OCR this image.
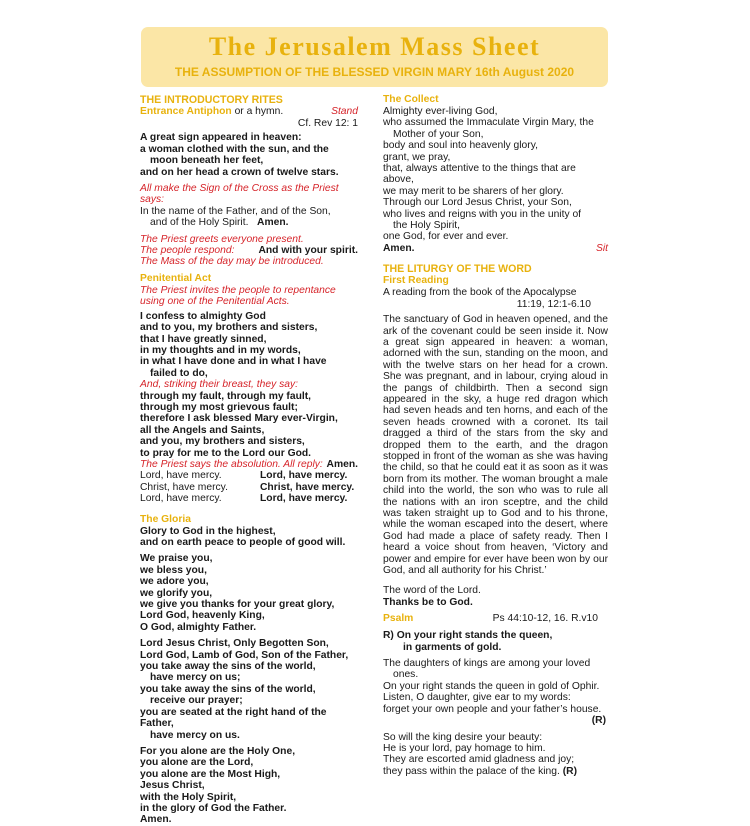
The Jerusalem Mass Sheet
THE ASSUMPTION OF THE BLESSED VIRGIN MARY 16th August 2020
THE INTRODUCTORY RITES
Entrance Antiphon or a hymn.	Stand
Cf. Rev 12: 1
A great sign appeared in heaven:
a woman clothed with the sun, and the
moon beneath her feet,
and on her head a crown of twelve stars.
All make the Sign of the Cross as the Priest says:
In the name of the Father, and of the Son,
and of the Holy Spirit. Amen.
The Priest greets everyone present.
The people respond: And with your spirit.
The Mass of the day may be introduced.
Penitential Act
The Priest invites the people to repentance using one of the Penitential Acts.
I confess to almighty God
and to you, my brothers and sisters,
that I have greatly sinned,
in my thoughts and in my words,
in what I have done and in what I have
failed to do,
And, striking their breast, they say:
through my fault, through my fault,
through my most grievous fault;
therefore I ask blessed Mary ever-Virgin,
all the Angels and Saints,
and you, my brothers and sisters,
to pray for me to the Lord our God.
The Priest says the absolution. All reply: Amen.
Lord, have mercy.	Lord, have mercy.
Christ, have mercy.	Christ, have mercy.
Lord, have mercy.	Lord, have mercy.
The Gloria
Glory to God in the highest,
and on earth peace to people of good will.
We praise you,
we bless you,
we adore you,
we glorify you,
we give you thanks for your great glory,
Lord God, heavenly King,
O God, almighty Father.
Lord Jesus Christ, Only Begotten Son,
Lord God, Lamb of God, Son of the Father,
you take away the sins of the world,
have mercy on us;
you take away the sins of the world,
receive our prayer;
you are seated at the right hand of the Father,
have mercy on us.
For you alone are the Holy One,
you alone are the Lord,
you alone are the Most High,
Jesus Christ,
with the Holy Spirit,
in the glory of God the Father.
Amen.
The Collect
Almighty ever-living God,
who assumed the Immaculate Virgin Mary, the
Mother of your Son,
body and soul into heavenly glory,
grant, we pray,
that, always attentive to the things that are above,
we may merit to be sharers of her glory.
Through our Lord Jesus Christ, your Son,
who lives and reigns with you in the unity of
the Holy Spirit,
one God, for ever and ever.
Amen.	Sit
THE LITURGY OF THE WORD
First Reading
A reading from the book of the Apocalypse
11:19, 12:1-6.10
The sanctuary of God in heaven opened, and the ark of the covenant could be seen inside it. Now a great sign appeared in heaven: a woman, adorned with the sun, standing on the moon, and with the twelve stars on her head for a crown. She was pregnant, and in labour, crying aloud in the pangs of childbirth. Then a second sign appeared in the sky, a huge red dragon which had seven heads and ten horns, and each of the seven heads crowned with a coronet. Its tail dragged a third of the stars from the sky and dropped them to the earth, and the dragon stopped in front of the woman as she was having the child, so that he could eat it as soon as it was born from its mother. The woman brought a male child into the world, the son who was to rule all the nations with an iron sceptre, and the child was taken straight up to God and to his throne, while the woman escaped into the desert, where God had made a place of safety ready. Then I heard a voice shout from heaven, ‘Victory and power and empire for ever have been won by our God, and all authority for his Christ.’
The word of the Lord.
Thanks be to God.
Psalm	Ps 44:10-12, 16. R.v10
R) On your right stands the queen,
in garments of gold.
The daughters of kings are among your loved
ones.
On your right stands the queen in gold of Ophir.
Listen, O daughter, give ear to my words:
forget your own people and your father’s house.
(R)
So will the king desire your beauty:
He is your lord, pay homage to him.
They are escorted amid gladness and joy;
they pass within the palace of the king. (R)
